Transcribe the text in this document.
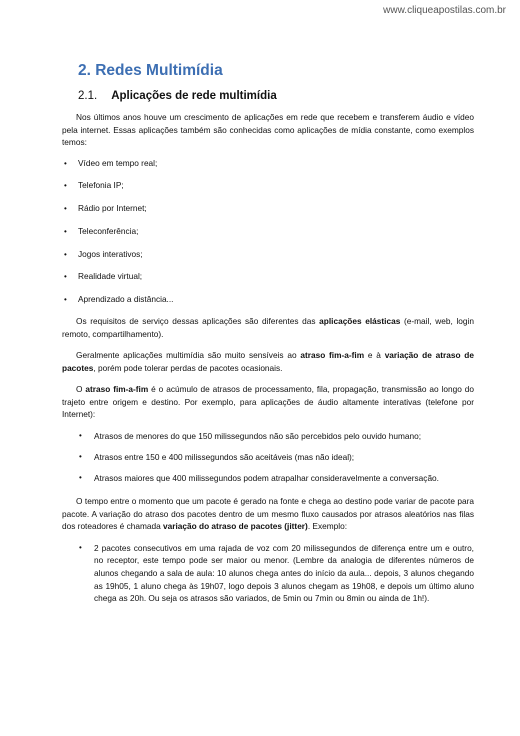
www.cliqueapostilas.com.br
2. Redes Multimídia
2.1. Aplicações de rede multimídia

Nos últimos anos houve um crescimento de aplicações em rede que recebem e transferem áudio e vídeo pela internet. Essas aplicações também são conhecidas como aplicações de mídia constante, como exemplos temos:

• Vídeo em tempo real;
• Telefonia IP;
• Rádio por Internet;
• Teleconferência;
• Jogos interativos;
• Realidade virtual;
• Aprendizado a distância...

Os requisitos de serviço dessas aplicações são diferentes das aplicações elásticas (e-mail, web, login remoto, compartilhamento).

Geralmente aplicações multimídia são muito sensíveis ao atraso fim-a-fim e à variação de atraso de pacotes, porém pode tolerar perdas de pacotes ocasionais.

O atraso fim-a-fim é o acúmulo de atrasos de processamento, fila, propagação, transmissão ao longo do trajeto entre origem e destino. Por exemplo, para aplicações de áudio altamente interativas (telefone por Internet):

• Atrasos de menores do que 150 milissegundos não são percebidos pelo ouvido humano;
• Atrasos entre 150 e 400 milissegundos são aceitáveis (mas não ideal);
• Atrasos maiores que 400 milissegundos podem atrapalhar consideravelmente a conversação.

O tempo entre o momento que um pacote é gerado na fonte e chega ao destino pode variar de pacote para pacote. A variação do atraso dos pacotes dentro de um mesmo fluxo causados por atrasos aleatórios nas filas dos roteadores é chamada variação do atraso de pacotes (jitter). Exemplo:

• 2 pacotes consecutivos em uma rajada de voz com 20 milissegundos de diferença entre um e outro, no receptor, este tempo pode ser maior ou menor. (Lembre da analogia de diferentes números de alunos chegando a sala de aula: 10 alunos chega antes do início da aula... depois, 3 alunos chegando as 19h05, 1 aluno chega às 19h07, logo depois 3 alunos chegam as 19h08, e depois um último aluno chega as 20h. Ou seja os atrasos são variados, de 5min ou 7min ou 8min ou ainda de 1h!).
